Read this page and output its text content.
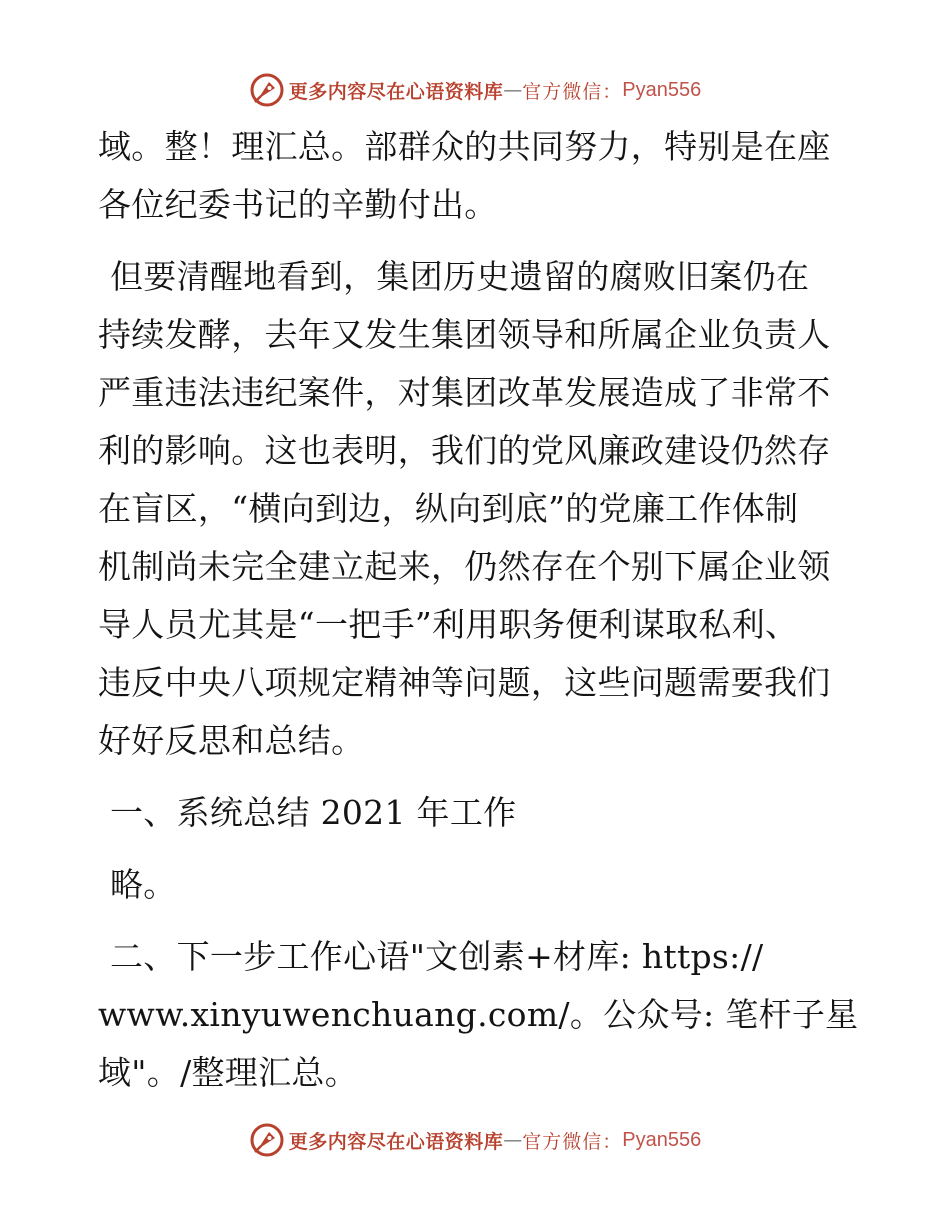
更多内容尽在心语资料库 — 官方微信： Pyan556
域。整！理汇总。部群众的共同努力，特别是在座
各位纪委书记的辛勤付出。
但要清醒地看到，集团历史遗留的腐败旧案仍在
持续发酵，去年又发生集团领导和所属企业负责人
严重违法违纪案件，对集团改革发展造成了非常不
利的影响。这也表明，我们的党风廉政建设仍然存
在盲区，“横向到边，纵向到底”的党廉工作体制
机制尚未完全建立起来，仍然存在个别下属企业领
导人员尤其是“一把手”利用职务便利谋取私利、
违反中央八项规定精神等问题，这些问题需要我们
好好反思和总结。
一、系统总结 2021 年工作
略。
二、下一步工作心语"文创素+材库: https://
www.xinyuwenchuang.com/。公众号: 笔杆子星
域"。/整理汇总。
更多内容尽在心语资料库 — 官方微信： Pyan556
